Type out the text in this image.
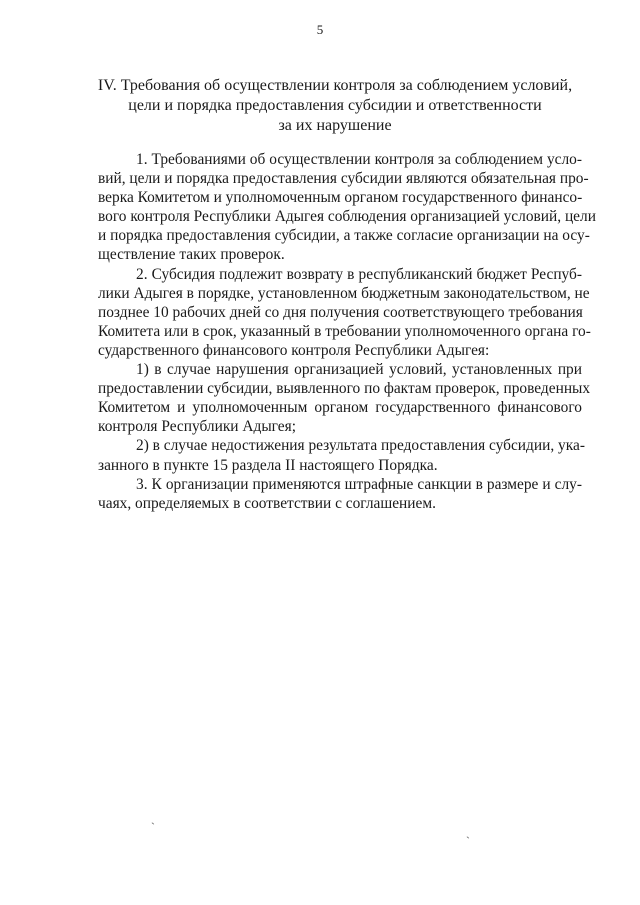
5
IV. Требования об осуществлении контроля за соблюдением условий,
цели и порядка предоставления субсидии и ответственности
за их нарушение
1. Требованиями об осуществлении контроля за соблюдением усло-
вий, цели и порядка предоставления субсидии являются обязательная про-
верка Комитетом и уполномоченным органом государственного финансо-
вого контроля Республики Адыгея соблюдения организацией условий, цели
и порядка предоставления субсидии, а также согласие организации на осу-
ществление таких проверок.
2. Субсидия подлежит возврату в республиканский бюджет Респуб-
лики Адыгея в порядке, установленном бюджетным законодательством, не
позднее 10 рабочих дней со дня получения соответствующего требования
Комитета или в срок, указанный в требовании уполномоченного органа го-
сударственного финансового контроля Республики Адыгея:
1) в случае нарушения организацией условий, установленных при
предоставлении субсидии, выявленного по фактам проверок, проведенных
Комитетом и уполномоченным органом государственного финансового
контроля Республики Адыгея;
2) в случае недостижения результата предоставления субсидии, ука-
занного в пункте 15 раздела II настоящего Порядка.
3. К организации применяются штрафные санкции в размере и слу-
чаях, определяемых в соответствии с соглашением.
ˏ
ˎ
